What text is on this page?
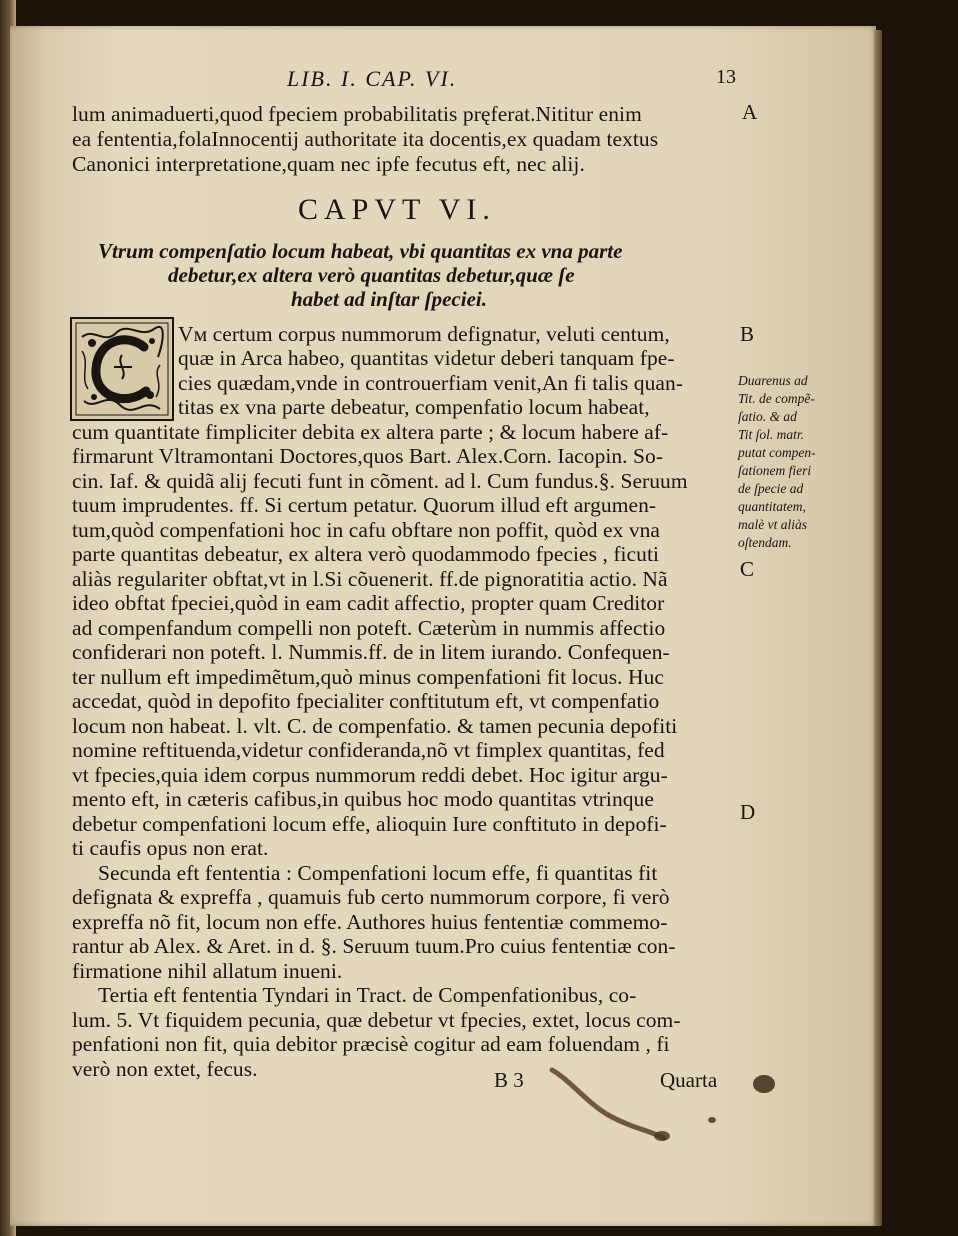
LIB. I. CAP. VI.	13
lum animaduerti,quod fpeciem probabilitatis pręferat.Nititur enim
ea fententia,folaInnocentij authoritate ita docentis,ex quadam textus
Canonici interpretatione,quam nec ipfe fecutus eft, nec alij.
CAPVT VI.
Vtrum compenſatio locum habeat, vbi quantitas ex vna parte
debetur,ex altera verò quantitas debetur,quæ ſe
habet ad inſtar ſpeciei.
Vм certum corpus nummorum defignatur, veluti centum,
quæ in Arca habeo, quantitas videtur deberi tanquam fpe-
cies quædam,vnde in controuerfiam venit,An fi talis quan-
titas ex vna parte debeatur, compenfatio locum habeat,
cum quantitate fimpliciter debita ex altera parte ; & locum habere af-
firmarunt Vltramontani Doctores,quos Bart. Alex.Corn. Iacopin. So-
cin. Iaf. & quidã alij fecuti funt in cõment. ad l. Cum fundus.§. Seruum
tuum imprudentes. ff. Si certum petatur. Quorum illud eft argumen-
tum,quòd compenfationi hoc in cafu obftare non poffit, quòd ex vna
parte quantitas debeatur, ex altera verò quodammodo fpecies , ficuti
aliàs regulariter obftat,vt in l.Si cõuenerit. ff.de pignoratitia actio. Nã
ideo obftat fpeciei,quòd in eam cadit affectio, propter quam Creditor
ad compenfandum compelli non poteft. Cæterùm in nummis affectio
confiderari non poteft. l. Nummis.ff. de in litem iurando. Confequen-
ter nullum eft impedimẽtum,quò minus compenfationi fit locus. Huc
accedat, quòd in depofito fpecialiter conftitutum eft, vt compenfatio
locum non habeat. l. vlt. C. de compenfatio. & tamen pecunia depofiti
nomine reftituenda,videtur confideranda,nõ vt fimplex quantitas, fed
vt fpecies,quia idem corpus nummorum reddi debet. Hoc igitur argu-
mento eft, in cæteris cafibus,in quibus hoc modo quantitas vtrinque
debetur compenfationi locum effe, alioquin Iure conftituto in depofi-
ti caufis opus non erat.
Secunda eft fententia : Compenfationi locum effe, fi quantitas fit
defignata & expreffa , quamuis fub certo nummorum corpore, fi verò
expreffa nõ fit, locum non effe. Authores huius fententiæ commemo-
rantur ab Alex. & Aret. in d. §. Seruum tuum.Pro cuius fententiæ con-
firmatione nihil allatum inueni.
Tertia eft fententia Tyndari in Tract. de Compenfationibus, co-
lum. 5. Vt fiquidem pecunia, quæ debetur vt fpecies, extet, locus com-
penfationi non fit, quia debitor præcisè cogitur ad eam foluendam , fi
verò non extet, fecus.
A
B
C
D
Duarenus ad
Tit. de compẽ-
ſatio. & ad
Tit ſol. matr.
putat compen-
ſationem fieri
de ſpecie ad
quantitatem,
malè vt aliàs
oſtendam.
B 3	Quarta
